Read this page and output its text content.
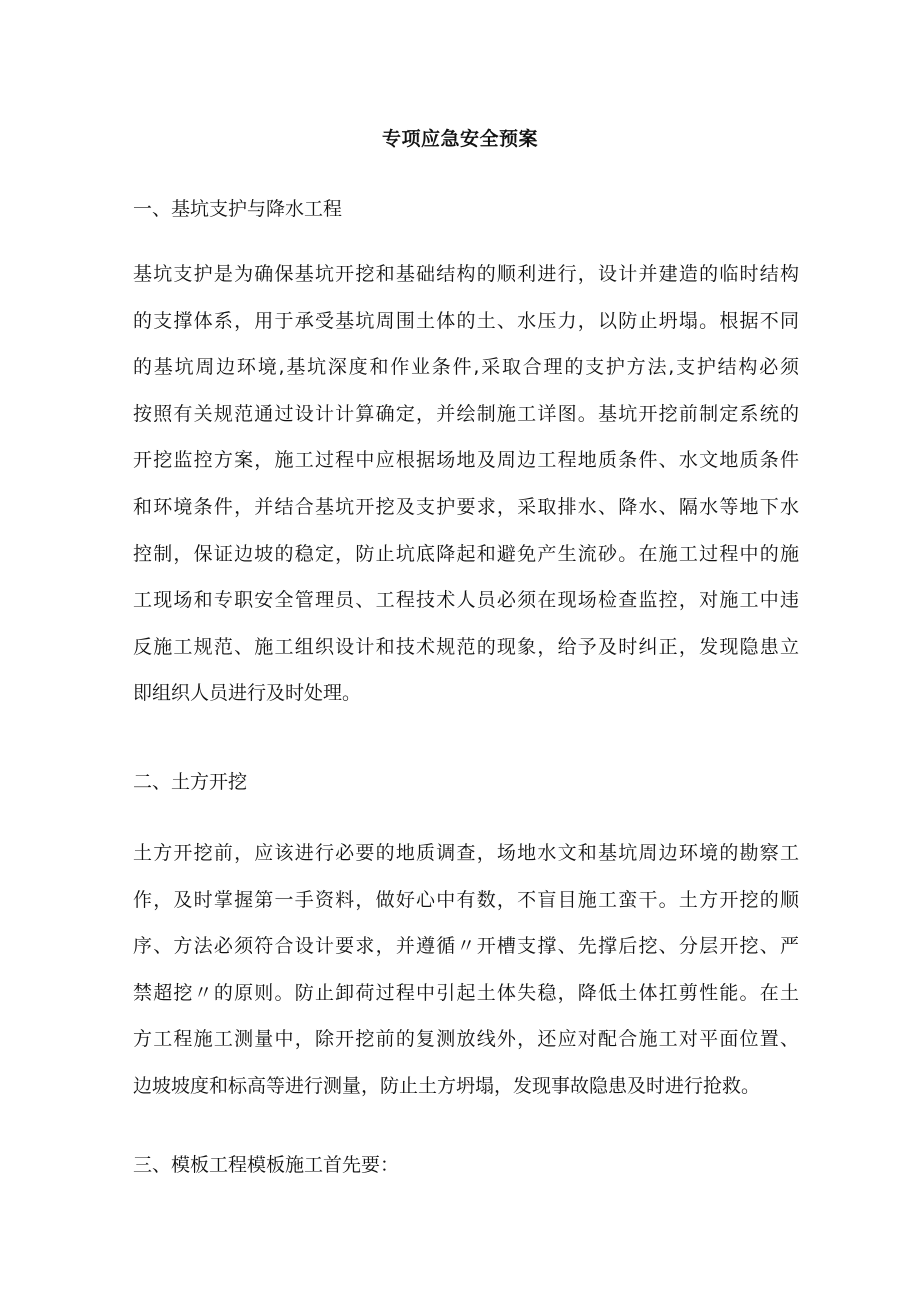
专项应急安全预案
一、基坑支护与降水工程
基坑支护是为确保基坑开挖和基础结构的顺利进行，设计并建造的临时结构
的支撑体系，用于承受基坑周围土体的土、水压力，以防止坍塌。根据不同
的基坑周边环境,基坑深度和作业条件,采取合理的支护方法,支护结构必须
按照有关规范通过设计计算确定，并绘制施工详图。基坑开挖前制定系统的
开挖监控方案，施工过程中应根据场地及周边工程地质条件、水文地质条件
和环境条件，并结合基坑开挖及支护要求，采取排水、降水、隔水等地下水
控制，保证边坡的稳定，防止坑底降起和避免产生流砂。在施工过程中的施
工现场和专职安全管理员、工程技术人员必须在现场检查监控，对施工中违
反施工规范、施工组织设计和技术规范的现象，给予及时纠正，发现隐患立
即组织人员进行及时处理。
二、土方开挖
土方开挖前，应该进行必要的地质调查，场地水文和基坑周边环境的勘察工
作，及时掌握第一手资料，做好心中有数，不盲目施工蛮干。土方开挖的顺
序、方法必须符合设计要求，并遵循〃开槽支撑、先撑后挖、分层开挖、严
禁超挖〃的原则。防止卸荷过程中引起土体失稳，降低土体扛剪性能。在土
方工程施工测量中，除开挖前的复测放线外，还应对配合施工对平面位置、
边坡坡度和标高等进行测量，防止土方坍塌，发现事故隐患及时进行抢救。
三、模板工程模板施工首先要：
